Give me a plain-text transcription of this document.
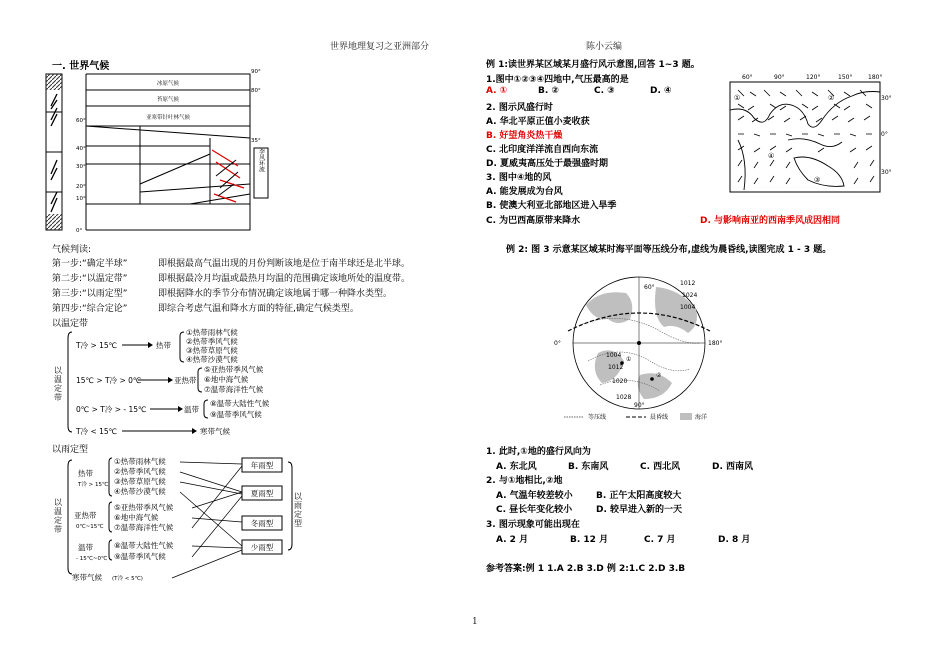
世界地理复习之亚洲部分	陈小云编
一. 世界气候
季风环流
冰原气候
苔原气候
亚寒带针叶林气候
90°
80°
60°
40°
35°
30°
20°
10°
0°
气候判读:
第一步:“确定半球”	即根据最高气温出现的月份判断该地是位于南半球还是北半球。
第二步:“以温定带”	即根据最冷月均温或最热月均温的范围确定该地所处的温度带。
第三步:“以雨定型”	即根据降水的季节分布情况确定该地属于哪一种降水类型。
第四步:“综合定论”	即综合考虑气温和降水方面的特征,确定气候类型。
以温定带
以温定带
T冷 > 15℃	热带
①热带雨林气候
②热带季风气候
③热带草原气候
④热带沙漠气候
15℃ > T冷 > 0℃	亚热带
⑤亚热带季风气候
⑥地中海气候
⑦温带海洋性气候
0℃ > T冷 > - 15℃	温带
⑧温带大陆性气候
⑨温带季风气候
T冷 < 15℃	寒带气候
以雨定型
以温定带
热带
T冷 > 15℃
①热带雨林气候
②热带季风气候
③热带草原气候
④热带沙漠气候
亚热带
0℃~15℃
⑤亚热带季风气候
⑥地中海气候
⑦温带海洋性气候
温带
- 15℃~0℃
⑧温带大陆性气候
⑨温带季风气候
寒带气候 (T冷 < 5℃)
年雨型
夏雨型
冬雨型
少雨型
以雨定型
例 1:读世界某区域某月盛行风示意图,回答 1~3 题。
1.图中①②③④四地中,气压最高的是
A. ①	B. ②	C. ③	D. ④
2. 图示风盛行时
A. 华北平原正值小麦收获
B. 好望角炎热干燥
C. 北印度洋洋流自西向东流
D. 夏威夷高压处于最强盛时期
3. 图中④地的风
A. 能发展成为台风
B. 使澳大利亚北部地区进入旱季
C. 为巴西高原带来降水	D. 与影响南亚的西南季风成因相同
60°	90°	120°	150°	180°
30°
0°
30°
①	②
③
④
例 2: 图 3 示意某区域某时海平面等压线分布,虚线为晨昏线,读图完成 1 - 3 题。
60°
1012
1024
1004
1004
1012
1020
1028
0°	180°
90°
①
②
等压线	晨昏线	海洋
1. 此时,①地的盛行风向为
A. 东北风	B. 东南风	C. 西北风	D. 西南风
2. 与①地相比,②地
A. 气温年较差较小	B. 正午太阳高度较大
C. 昼长年变化较小	D. 较早进入新的一天
3. 图示现象可能出现在
A. 2 月	B. 12 月	C. 7 月	D. 8 月
参考答案:例 1 1.A 2.B 3.D 例 2:1.C 2.D 3.B
1
